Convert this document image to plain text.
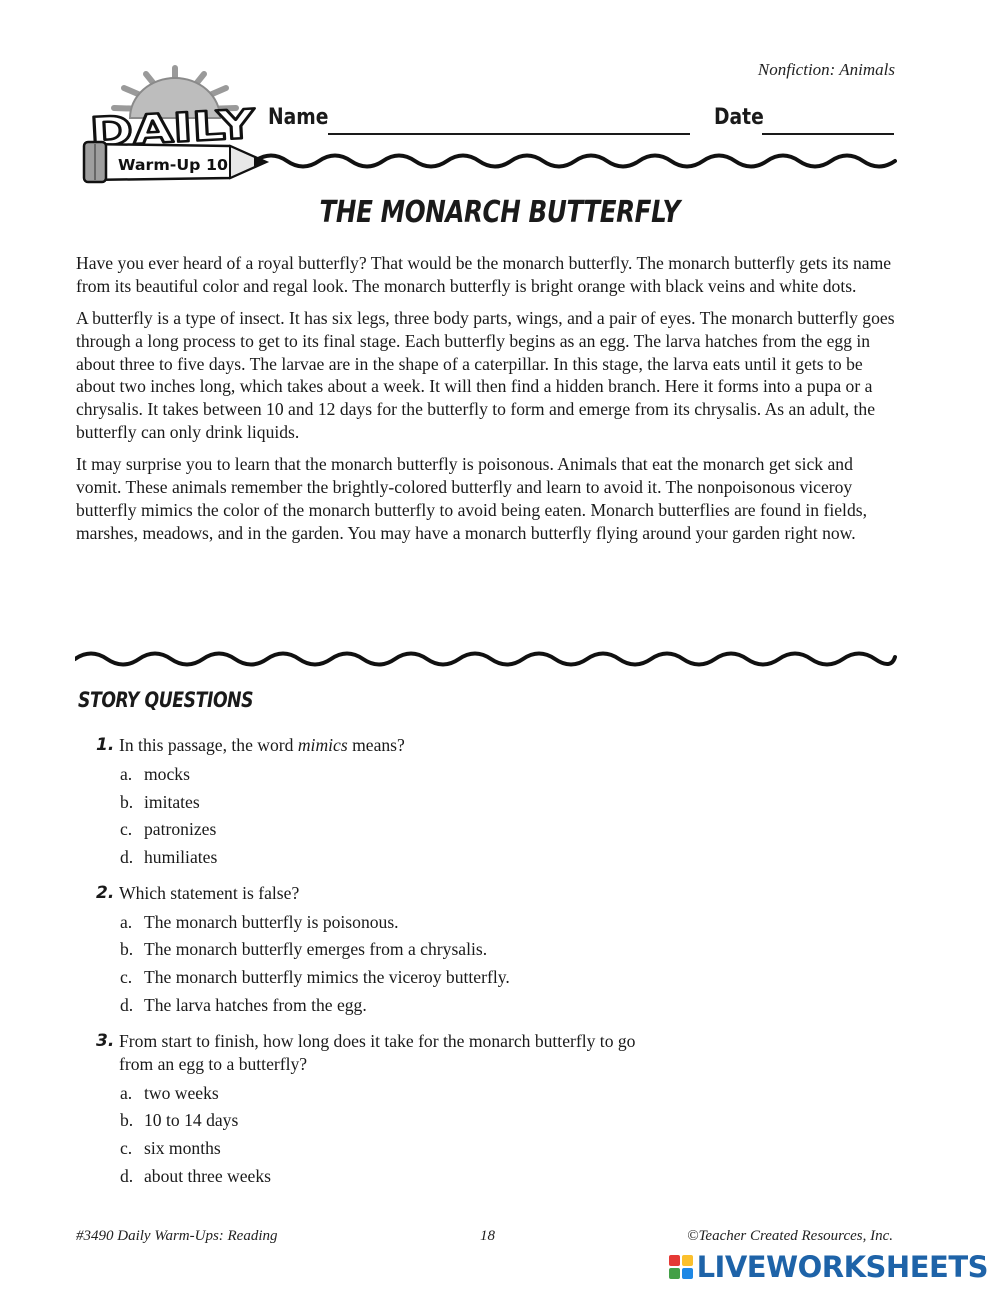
Nonfiction: Animals
DAILY
Warm-Up 10
Name	Date
THE MONARCH BUTTERFLY

Have you ever heard of a royal butterfly? That would be the monarch butterfly. The monarch butterfly gets its name from its beautiful color and regal look. The monarch butterfly is bright orange with black veins and white dots.

A butterfly is a type of insect. It has six legs, three body parts, wings, and a pair of eyes. The monarch butterfly goes through a long process to get to its final stage. Each butterfly begins as an egg. The larva hatches from the egg in about three to five days. The larvae are in the shape of a caterpillar. In this stage, the larva eats until it gets to be about two inches long, which takes about a week. It will then find a hidden branch. Here it forms into a pupa or a chrysalis. It takes between 10 and 12 days for the butterfly to form and emerge from its chrysalis. As an adult, the butterfly can only drink liquids.

It may surprise you to learn that the monarch butterfly is poisonous. Animals that eat the monarch get sick and vomit. These animals remember the brightly-colored butterfly and learn to avoid it. The nonpoisonous viceroy butterfly mimics the color of the monarch butterfly to avoid being eaten. Monarch butterflies are found in fields, marshes, meadows, and in the garden. You may have a monarch butterfly flying around your garden right now.

STORY QUESTIONS
1. In this passage, the word mimics means?
a. mocks
b. imitates
c. patronizes
d. humiliates
2. Which statement is false?
a. The monarch butterfly is poisonous.
b. The monarch butterfly emerges from a chrysalis.
c. The monarch butterfly mimics the viceroy butterfly.
d. The larva hatches from the egg.
3. From start to finish, how long does it take for the monarch butterfly to go from an egg to a butterfly?
a. two weeks
b. 10 to 14 days
c. six months
d. about three weeks
#3490 Daily Warm-Ups: Reading	18	©Teacher Created Resources, Inc.
LIVEWORKSHEETS
